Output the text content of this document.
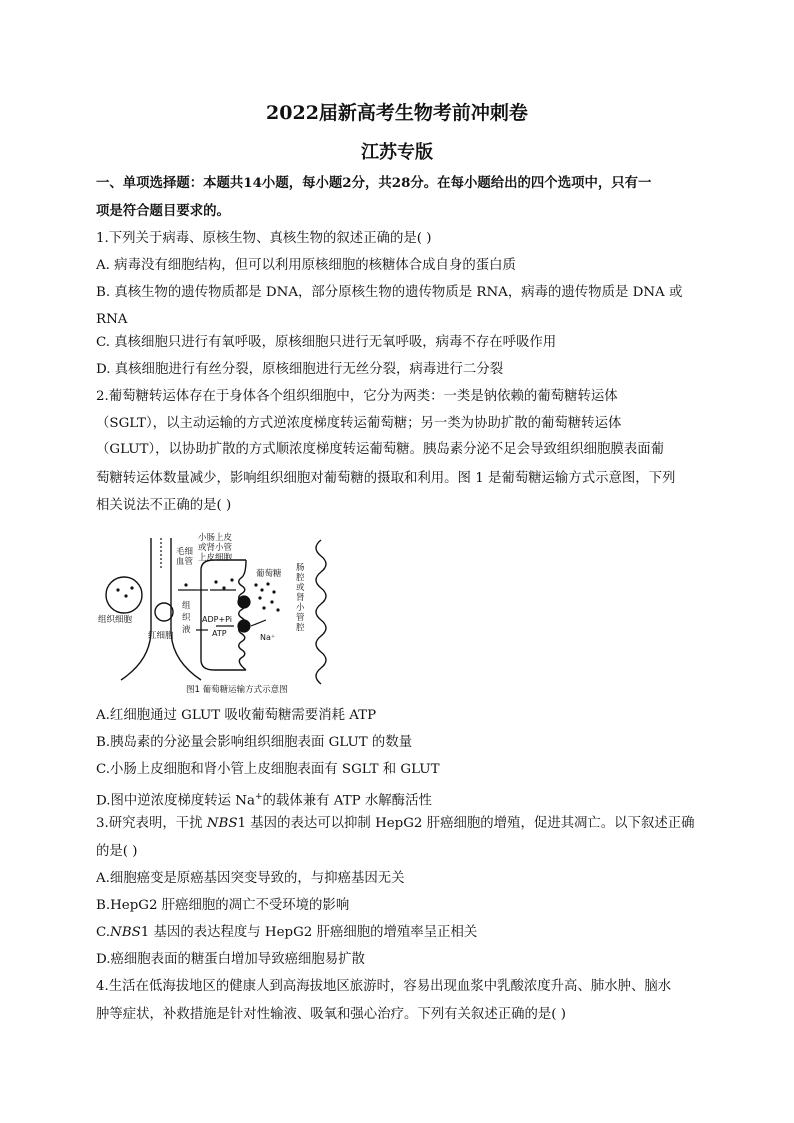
2022届新高考生物考前冲刺卷
江苏专版
一、单项选择题：本题共14小题，每小题2分，共28分。在每小题给出的四个选项中，只有一
项是符合题目要求的。
1.下列关于病毒、原核生物、真核生物的叙述正确的是( )
A. 病毒没有细胞结构，但可以利用原核细胞的核糖体合成自身的蛋白质
B. 真核生物的遗传物质都是 DNA，部分原核生物的遗传物质是 RNA，病毒的遗传物质是 DNA 或
RNA
C. 真核细胞只进行有氧呼吸，原核细胞只进行无氧呼吸，病毒不存在呼吸作用
D. 真核细胞进行有丝分裂，原核细胞进行无丝分裂，病毒进行二分裂
2.葡萄糖转运体存在于身体各个组织细胞中，它分为两类：一类是钠依赖的葡萄糖转运体
（SGLT），以主动运输的方式逆浓度梯度转运葡萄糖；另一类为协助扩散的葡萄糖转运体
（GLUT），以协助扩散的方式顺浓度梯度转运葡萄糖。胰岛素分泌不足会导致组织细胞膜表面葡
萄糖转运体数量减少，影响组织细胞对葡萄糖的摄取和利用。图 1 是葡萄糖运输方式示意图，下列
相关说法不正确的是( )
小肠上皮
或肾小管
上皮细胞
毛细
血管
葡萄糖
肠
腔
或
肾
小
管
腔
组织细胞
红细胞
组
织
液
ADP+Pi
ATP	Na⁺
图1 葡萄糖运输方式示意图
A.红细胞通过 GLUT 吸收葡萄糖需要消耗 ATP
B.胰岛素的分泌量会影响组织细胞表面 GLUT 的数量
C.小肠上皮细胞和肾小管上皮细胞表面有 SGLT 和 GLUT
D.图中逆浓度梯度转运 Na+的载体兼有 ATP 水解酶活性
3.研究表明，干扰 NBS1 基因的表达可以抑制 HepG2 肝癌细胞的增殖，促进其凋亡。以下叙述正确
的是( )
A.细胞癌变是原癌基因突变导致的，与抑癌基因无关
B.HepG2 肝癌细胞的凋亡不受环境的影响
C.NBS1 基因的表达程度与 HepG2 肝癌细胞的增殖率呈正相关
D.癌细胞表面的糖蛋白增加导致癌细胞易扩散
4.生活在低海拔地区的健康人到高海拔地区旅游时，容易出现血浆中乳酸浓度升高、肺水肿、脑水
肿等症状，补救措施是针对性输液、吸氧和强心治疗。下列有关叙述正确的是( )
